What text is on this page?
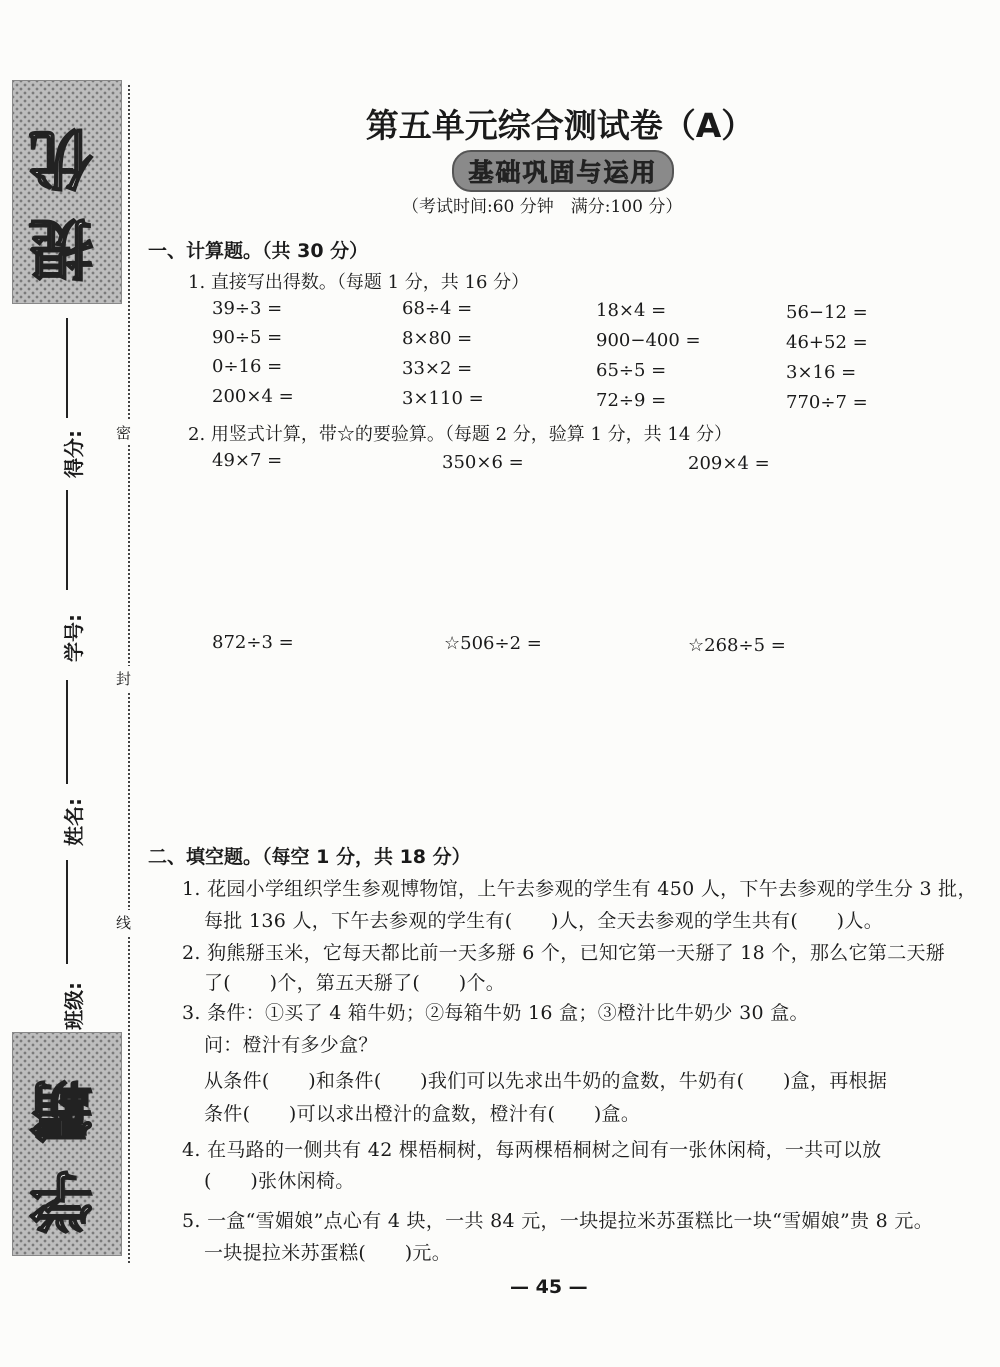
提优
学霸
得分:
学号:
姓名:
班级:
密
封
线
第五单元综合测试卷（A）
基础巩固与运用
（考试时间:60 分钟　满分:100 分）
一、计算题。（共 30 分）
1. 直接写出得数。（每题 1 分，共 16 分）
39÷3 =	68÷4 =	18×4 =	56−12 =
90÷5 =	8×80 =	900−400 =	46+52 =
0÷16 =	33×2 =	65÷5 =	3×16 =
200×4 =	3×110 =	72÷9 =	770÷7 =
2. 用竖式计算，带☆的要验算。（每题 2 分，验算 1 分，共 14 分）
49×7 =	350×6 =	209×4 =
872÷3 =	☆506÷2 =	☆268÷5 =
二、填空题。（每空 1 分，共 18 分）
1. 花园小学组织学生参观博物馆，上午去参观的学生有 450 人，下午去参观的学生分 3 批，
每批 136 人，下午去参观的学生有(　　)人，全天去参观的学生共有(　　)人。
2. 狗熊掰玉米，它每天都比前一天多掰 6 个，已知它第一天掰了 18 个，那么它第二天掰
了(　　)个，第五天掰了(　　)个。
3. 条件：①买了 4 箱牛奶；②每箱牛奶 16 盒；③橙汁比牛奶少 30 盒。
问：橙汁有多少盒？
从条件(　　)和条件(　　)我们可以先求出牛奶的盒数，牛奶有(　　)盒，再根据
条件(　　)可以求出橙汁的盒数，橙汁有(　　)盒。
4. 在马路的一侧共有 42 棵梧桐树，每两棵梧桐树之间有一张休闲椅，一共可以放
(　　)张休闲椅。
5. 一盒“雪媚娘”点心有 4 块，一共 84 元，一块提拉米苏蛋糕比一块“雪媚娘”贵 8 元。
一块提拉米苏蛋糕(　　)元。
— 45 —
